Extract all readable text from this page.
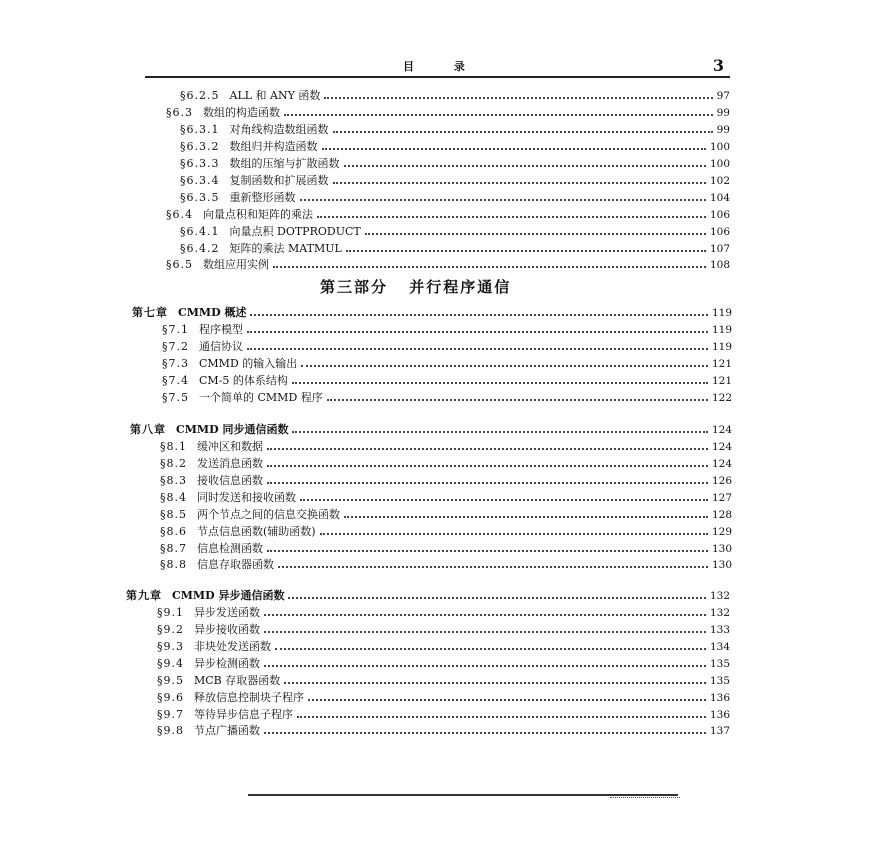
目 录	3
§6.2.5 ALL 和 ANY 函数	97
§6.3 数组的构造函数	99
§6.3.1 对角线构造数组函数	99
§6.3.2 数组归并构造函数	100
§6.3.3 数组的压缩与扩散函数	100
§6.3.4 复制函数和扩展函数	102
§6.3.5 重新整形函数	104
§6.4 向量点积和矩阵的乘法	106
§6.4.1 向量点积 DOTPRODUCT	106
§6.4.2 矩阵的乘法 MATMUL	107
§6.5 数组应用实例	108
第三部分 并行程序通信
第七章 CMMD 概述	119
§7.1 程序模型	119
§7.2 通信协议	119
§7.3 CMMD 的输入输出	121
§7.4 CM-5 的体系结构	121
§7.5 一个简单的 CMMD 程序	122
第八章 CMMD 同步通信函数	124
§8.1 缓冲区和数据	124
§8.2 发送消息函数	124
§8.3 接收信息函数	126
§8.4 同时发送和接收函数	127
§8.5 两个节点之间的信息交换函数	128
§8.6 节点信息函数(辅助函数)	129
§8.7 信息检测函数	130
§8.8 信息存取器函数	130
第九章 CMMD 异步通信函数	132
§9.1 异步发送函数	132
§9.2 异步接收函数	133
§9.3 非块处发送函数	134
§9.4 异步检测函数	135
§9.5 MCB 存取器函数	135
§9.6 释放信息控制块子程序	136
§9.7 等待异步信息子程序	136
§9.8 节点广播函数	137
